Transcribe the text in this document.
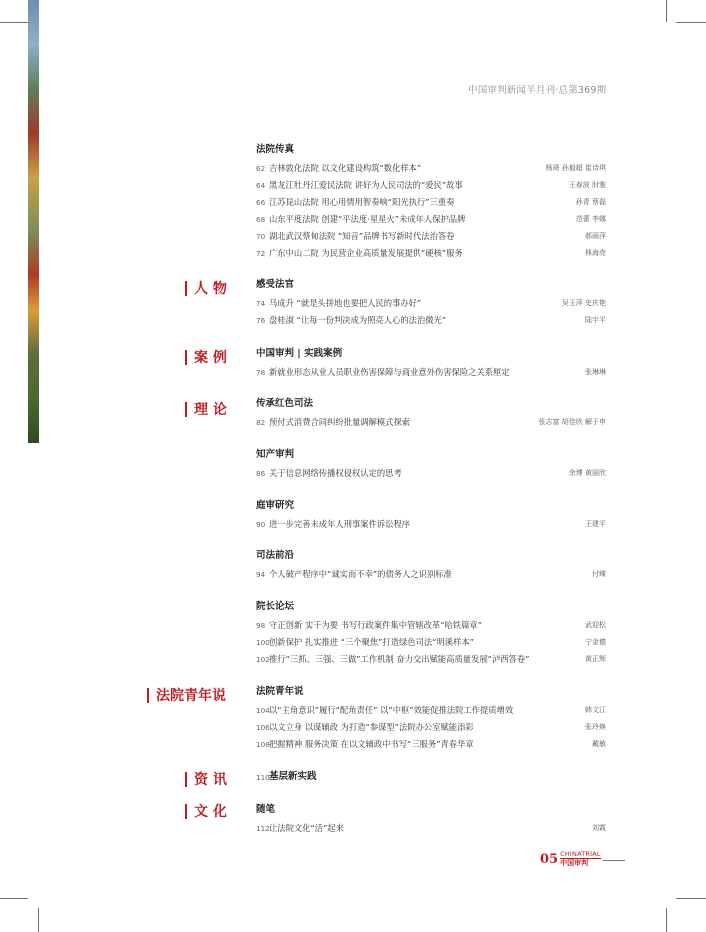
中国审判新闻半月刊·总第369期
人 物
案 例
理 论
法院青年说
资 讯
文 化
法院传真
62 吉林敦化法院 以文化建设构筑“数化样本”	杨琦 孙毅超 崔诗琪
64 黑龙江牡丹江爱民法院 讲好为人民司法的“爱民”故事	王春波 肘雅
66 江苏昆山法院 用心用情用智奏响“阳光执行”三重奏	孙青 蔡磊
68 山东平度法院 创建“平法度·星星火”未成年人保护品牌	范蕾 李娜
70 湖北武汉蔡甸法院 “知音”品牌书写新时代法治答卷	郝丽萍
72 广东中山二院 为民营企业高质量发展提供“硬核”服务	林海亮
感受法官
74 马成升 “就是头拼地也要把人民的事办好”	吴玉萍 史庆艳
76 盘桂淑 “让每一份判决成为照亮人心的法治微光”	陆宇平
中国审判 | 实践案例
78 新就业形态从业人员职业伤害保障与商业意外伤害保险之关系厘定	张琳琳
传承红色司法
82 预付式消费合同纠纷批量调解模式探索	张志富 胡佳欣 解于申
知产审判
86 关于信息网络传播权侵权认定的思考	余博 黄丽欣
庭审研究
90 进一步完善未成年人刑事案件诉讼程序	王建平
司法前沿
94 个人破产程序中“诚实而不幸”的债务人之识别标准	付臻
院长论坛
98 守正创新 实干为要 书写行政案件集中管辖改革“哈铁篇章”	武迎松
100创新保护 扎实推进 “三个聚焦”打造绿色司法“明溪样本”	宁金德
102推行“三抓、三强、三做”工作机制 奋力交出赋能高质量发展“泸西答卷”	黄正辉
法院青年说
104以“主角意识”履行“配角责任” 以“中枢”效能促推法院工作提质增效	韩文江
106以文立身 以谋辅政 为打造“参谋型”法院办公室赋能添彩	张玲焕
108把握精神 服务决策 在以文辅政中书写“三服务”青春华章	戴敏
110 基层新实践
随笔
112让法院文化“活”起来	刘霞
05 CHINATRIAL
中国审判
